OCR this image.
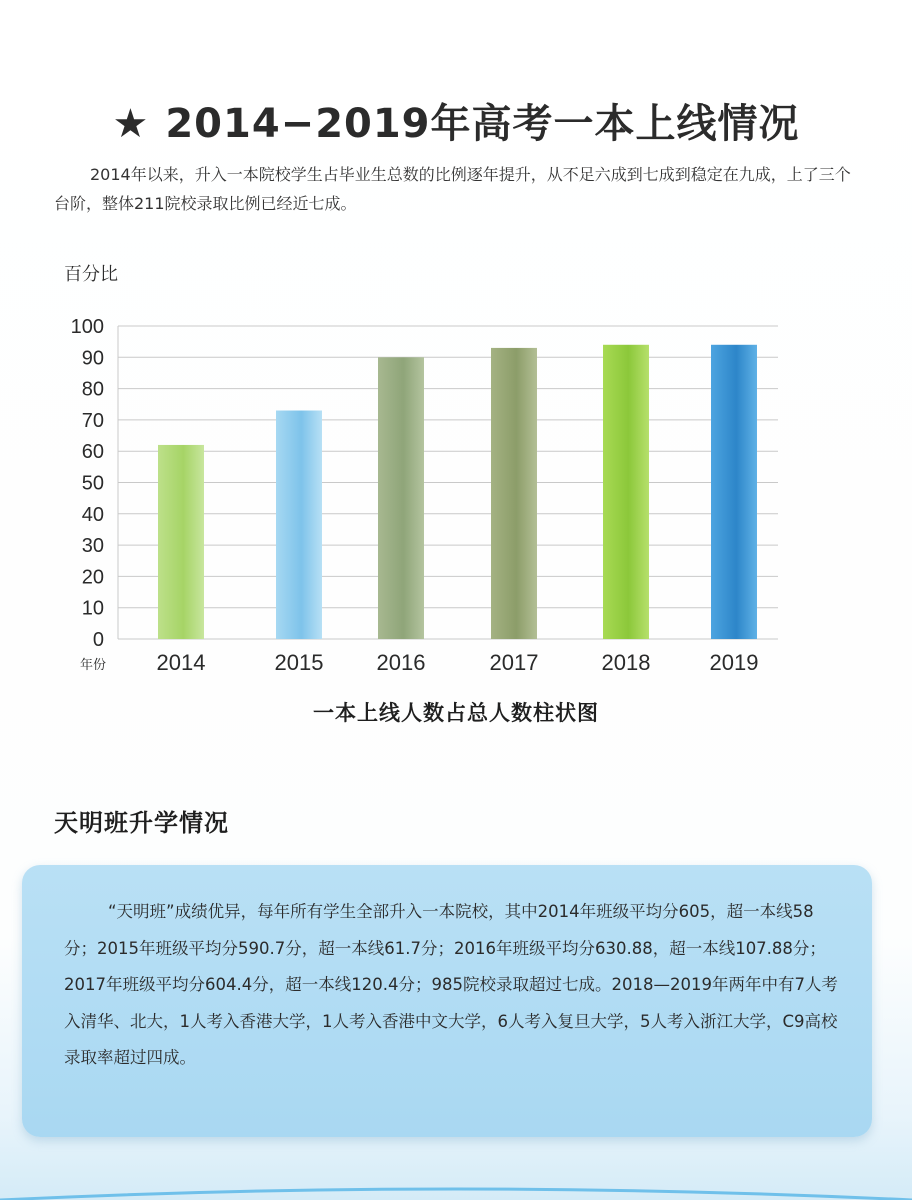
★ 2014−2019年高考一本上线情况

2014年以来，升入一本院校学生占毕业生总数的比例逐年提升，从不足六成到七成到稳定在九成，上了三个台阶，整体211院校录取比例已经近七成。

百分比
0
10
20
30
40
50
60
70
80
90
100
2014	2015 2016	2017	2018	2019
年份
一本上线人数占总人数柱状图
天明班升学情况

“天明班”成绩优异，每年所有学生全部升入一本院校，其中2014年班级平均分605，超一本线58分；2015年班级平均分590.7分，超一本线61.7分；2016年班级平均分630.88，超一本线107.88分；2017年班级平均分604.4分，超一本线120.4分；985院校录取超过七成。2018—2019年两年中有7人考入清华、北大，1人考入香港大学，1人考入香港中文大学，6人考入复旦大学，5人考入浙江大学，C9高校录取率超过四成。
